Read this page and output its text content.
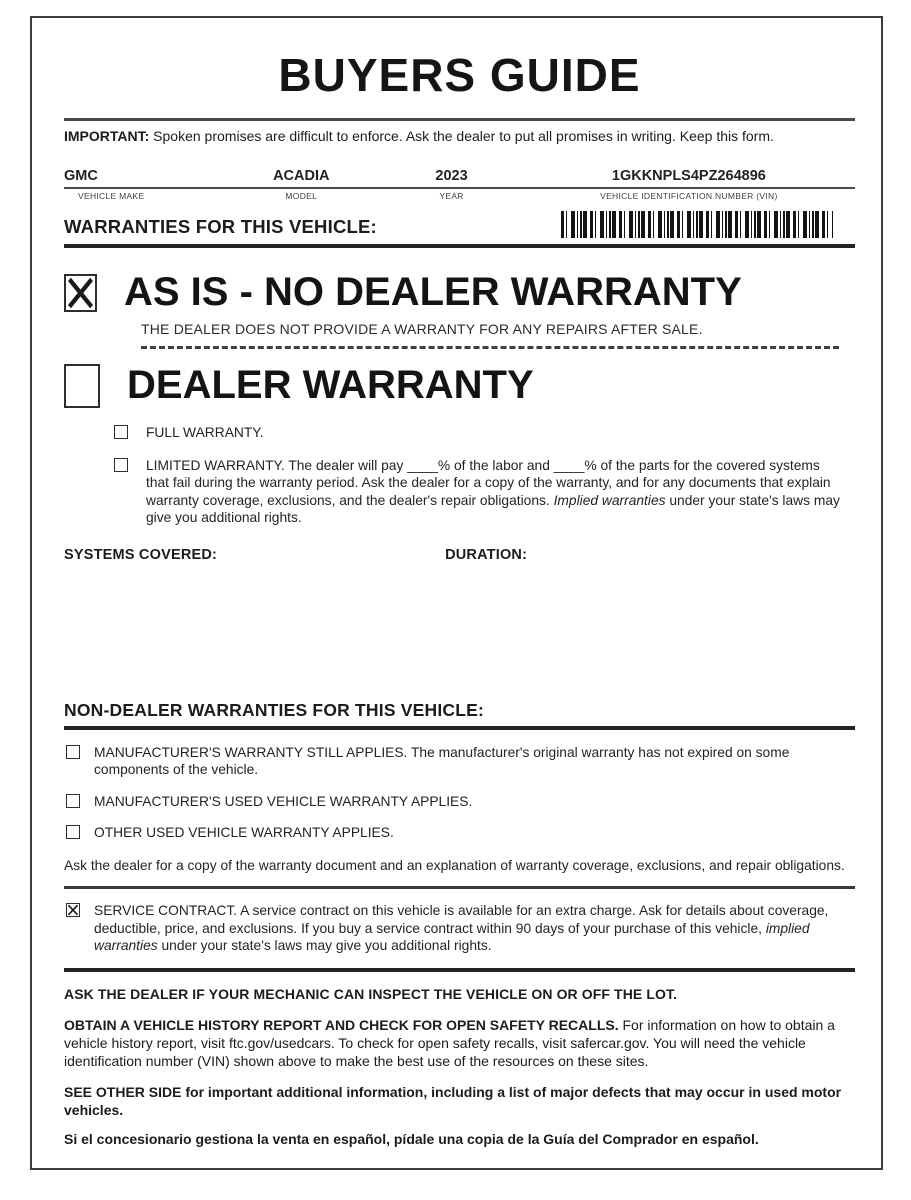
BUYERS GUIDE
IMPORTANT: Spoken promises are difficult to enforce. Ask the dealer to put all promises in writing. Keep this form.
GMC	ACADIA	2023	1GKKNPLS4PZ264896
VEHICLE MAKE	MODEL	YEAR	VEHICLE IDENTIFICATION NUMBER (VIN)
WARRANTIES FOR THIS VEHICLE:
AS IS - NO DEALER WARRANTY
THE DEALER DOES NOT PROVIDE A WARRANTY FOR ANY REPAIRS AFTER SALE.
DEALER WARRANTY
FULL WARRANTY.
LIMITED WARRANTY. The dealer will pay ____% of the labor and ____% of the parts for the covered systems that fail during the warranty period. Ask the dealer for a copy of the warranty, and for any documents that explain warranty coverage, exclusions, and the dealer's repair obligations. Implied warranties under your state's laws may give you additional rights.
SYSTEMS COVERED:	DURATION:
NON-DEALER WARRANTIES FOR THIS VEHICLE:
MANUFACTURER'S WARRANTY STILL APPLIES. The manufacturer's original warranty has not expired on some components of the vehicle.
MANUFACTURER'S USED VEHICLE WARRANTY APPLIES.
OTHER USED VEHICLE WARRANTY APPLIES.
Ask the dealer for a copy of the warranty document and an explanation of warranty coverage, exclusions, and repair obligations.
SERVICE CONTRACT. A service contract on this vehicle is available for an extra charge. Ask for details about coverage, deductible, price, and exclusions. If you buy a service contract within 90 days of your purchase of this vehicle, implied warranties under your state's laws may give you additional rights.
ASK THE DEALER IF YOUR MECHANIC CAN INSPECT THE VEHICLE ON OR OFF THE LOT.
OBTAIN A VEHICLE HISTORY REPORT AND CHECK FOR OPEN SAFETY RECALLS. For information on how to obtain a vehicle history report, visit ftc.gov/usedcars. To check for open safety recalls, visit safercar.gov. You will need the vehicle identification number (VIN) shown above to make the best use of the resources on these sites.
SEE OTHER SIDE for important additional information, including a list of major defects that may occur in used motor vehicles.
Si el concesionario gestiona la venta en español, pídale una copia de la Guía del Comprador en español.
